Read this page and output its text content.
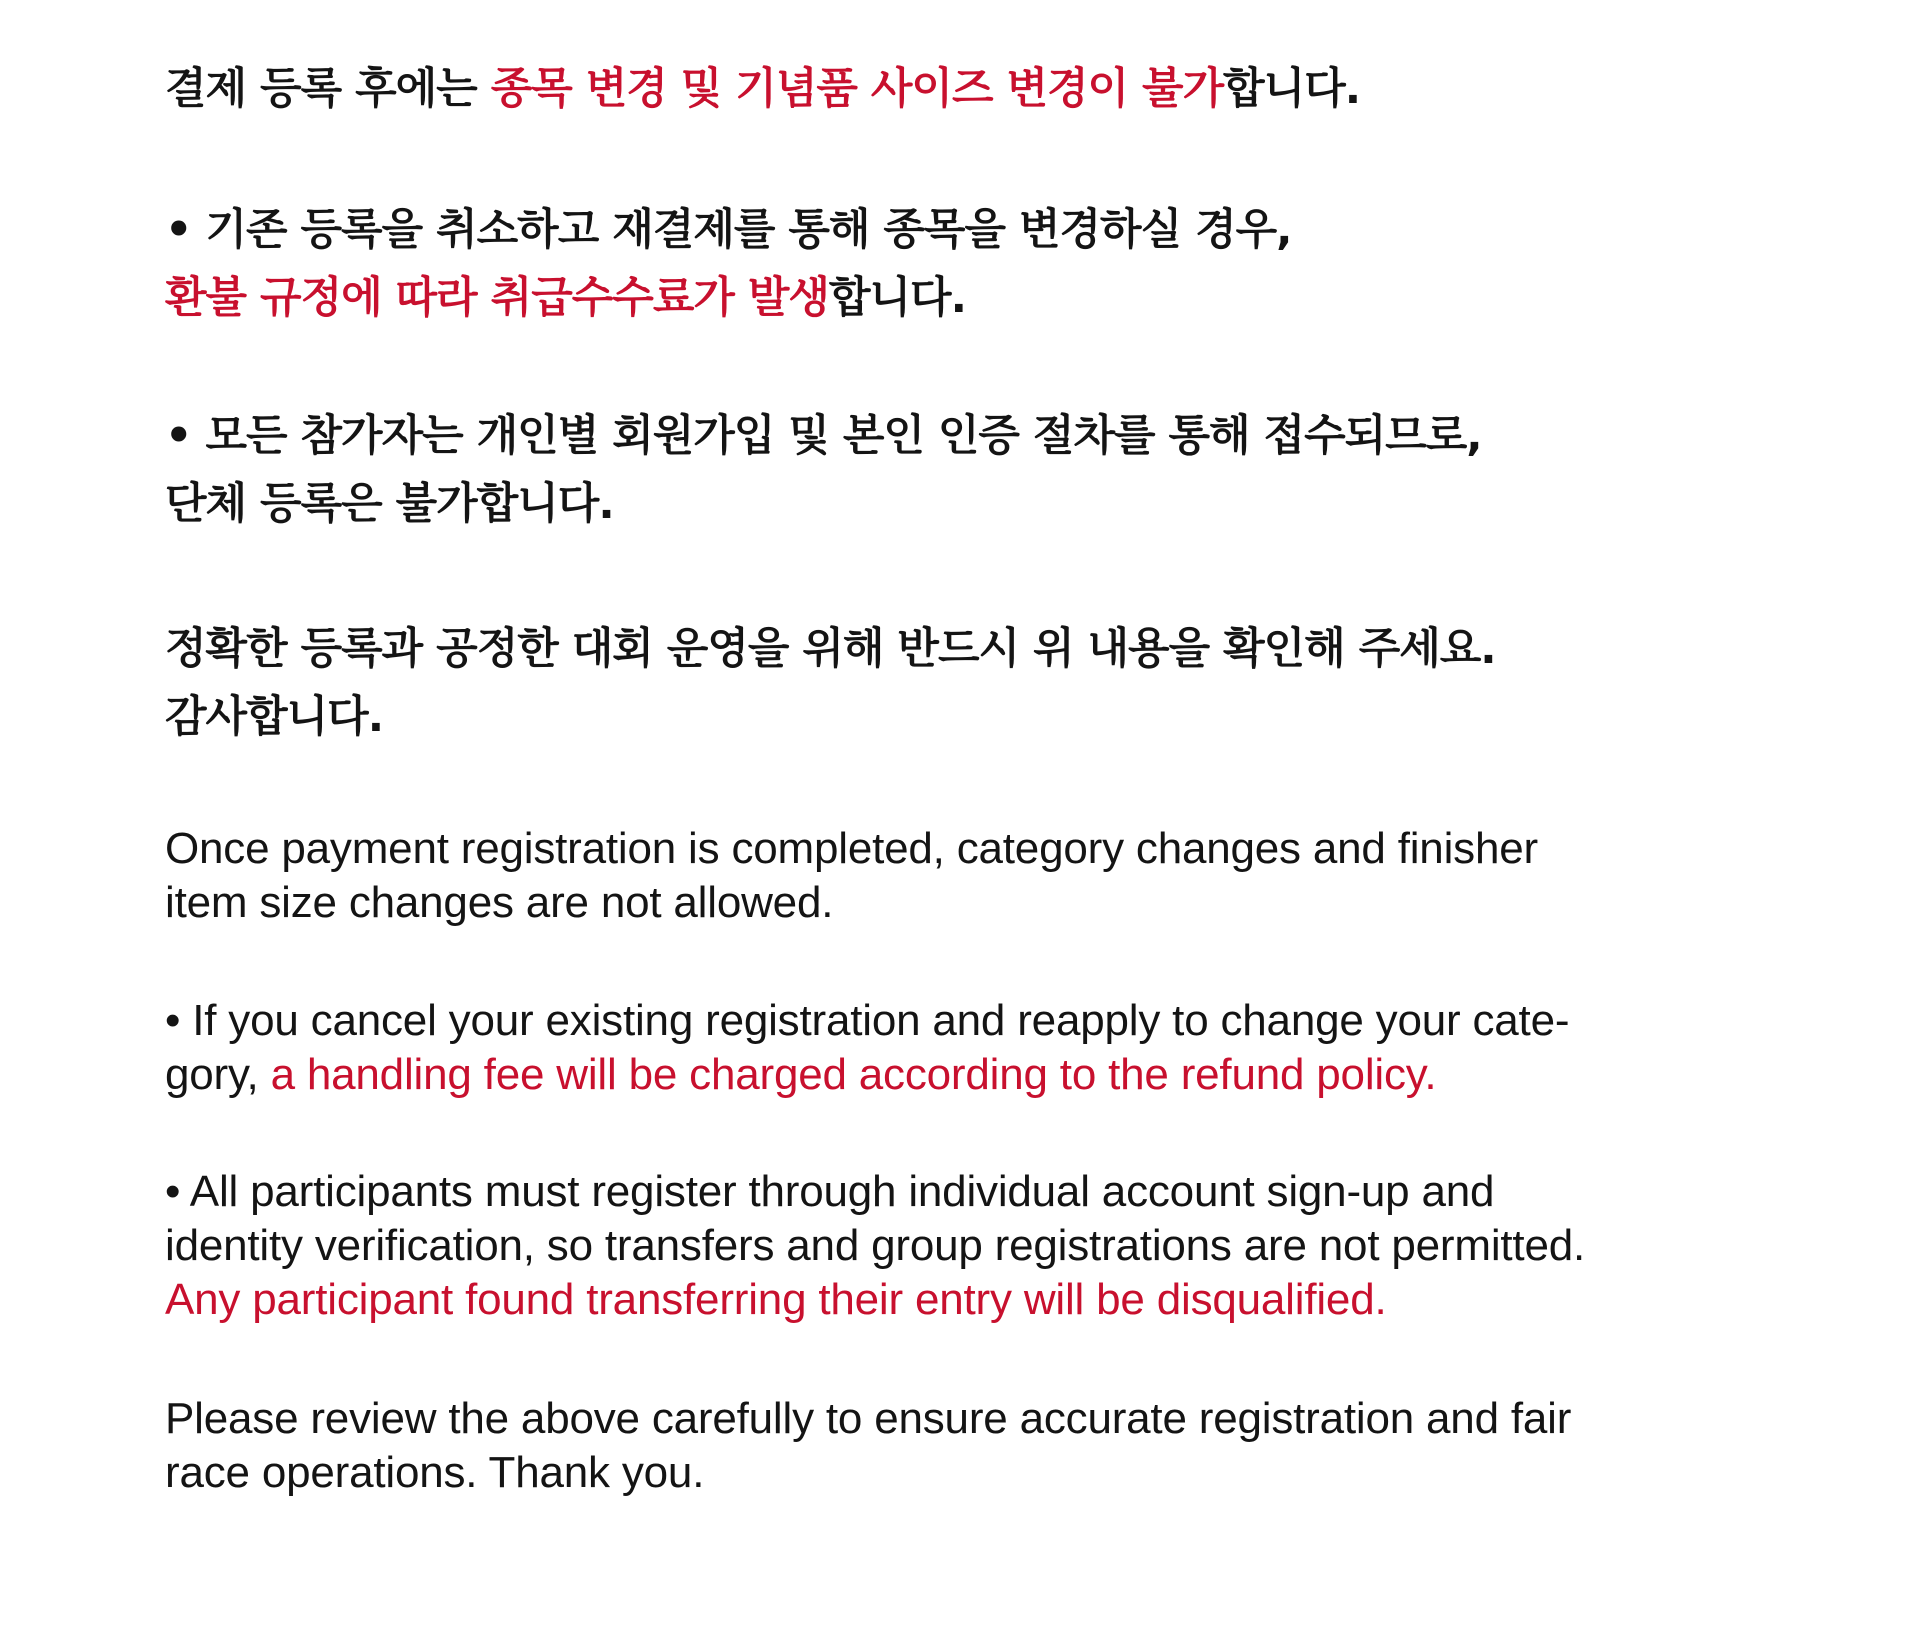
결제 등록 후에는 종목 변경 및 기념품 사이즈 변경이 불가합니다.

• 기존 등록을 취소하고 재결제를 통해 종목을 변경하실 경우,
환불 규정에 따라 취급수수료가 발생합니다.

• 모든 참가자는 개인별 회원가입 및 본인 인증 절차를 통해 접수되므로,
단체 등록은 불가합니다.

정확한 등록과 공정한 대회 운영을 위해 반드시 위 내용을 확인해 주세요.
감사합니다.

Once payment registration is completed, category changes and finisher
item size changes are not allowed.

• If you cancel your existing registration and reapply to change your cate-
gory, a handling fee will be charged according to the refund policy.

• All participants must register through individual account sign-up and
identity verification, so transfers and group registrations are not permitted.
Any participant found transferring their entry will be disqualified.

Please review the above carefully to ensure accurate registration and fair
race operations. Thank you.
